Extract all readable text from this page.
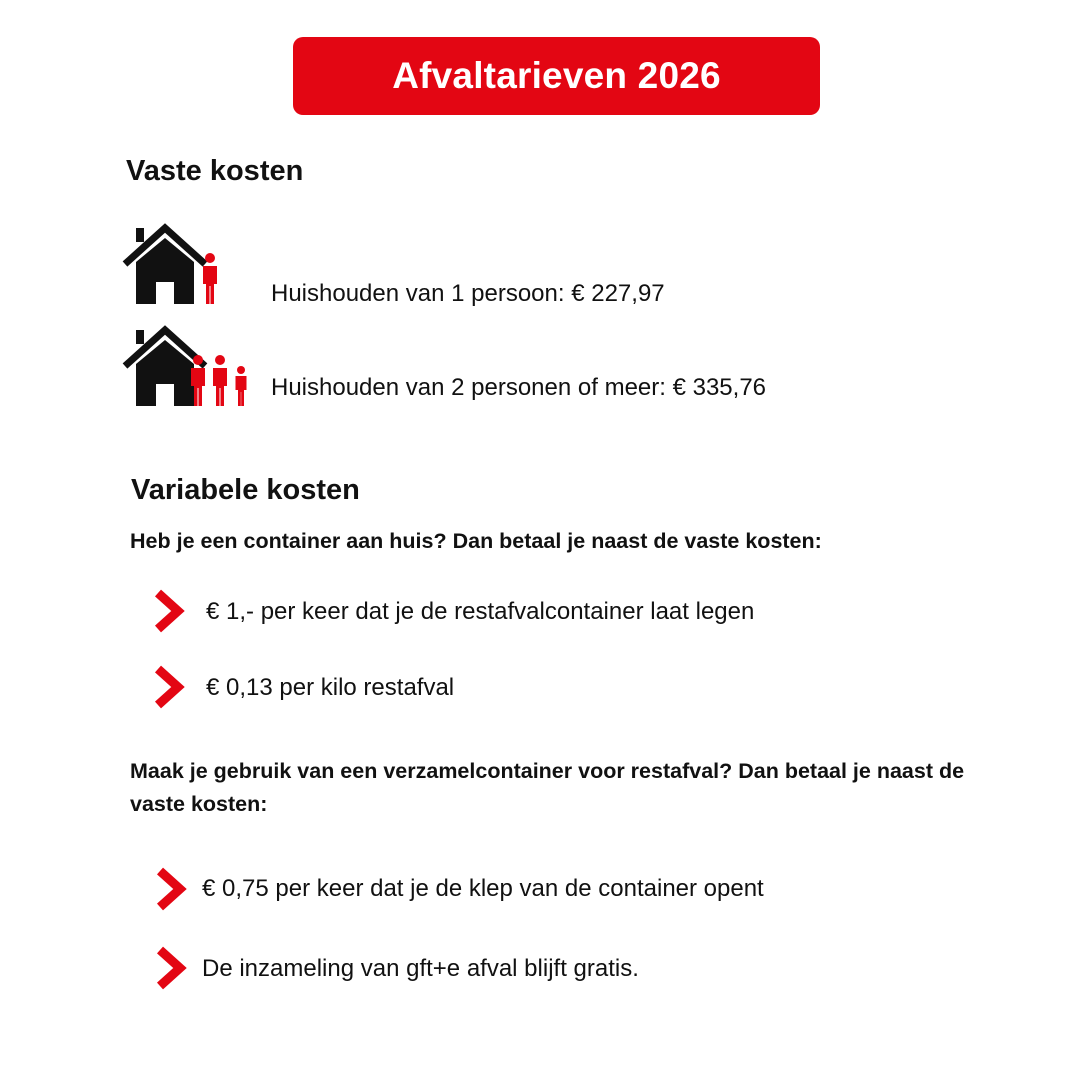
Afvaltarieven 2026
Vaste kosten
Huishouden van 1 persoon: € 227,97
Huishouden van 2 personen of meer: € 335,76
Variabele kosten
Heb je een container aan huis? Dan betaal je naast de vaste kosten:
€ 1,- per keer dat je de restafvalcontainer laat legen
€ 0,13 per kilo restafval
Maak je gebruik van een verzamelcontainer voor restafval? Dan betaal je naast de vaste kosten:
€ 0,75 per keer dat je de klep van de container opent
De inzameling van gft+e afval blijft gratis.
